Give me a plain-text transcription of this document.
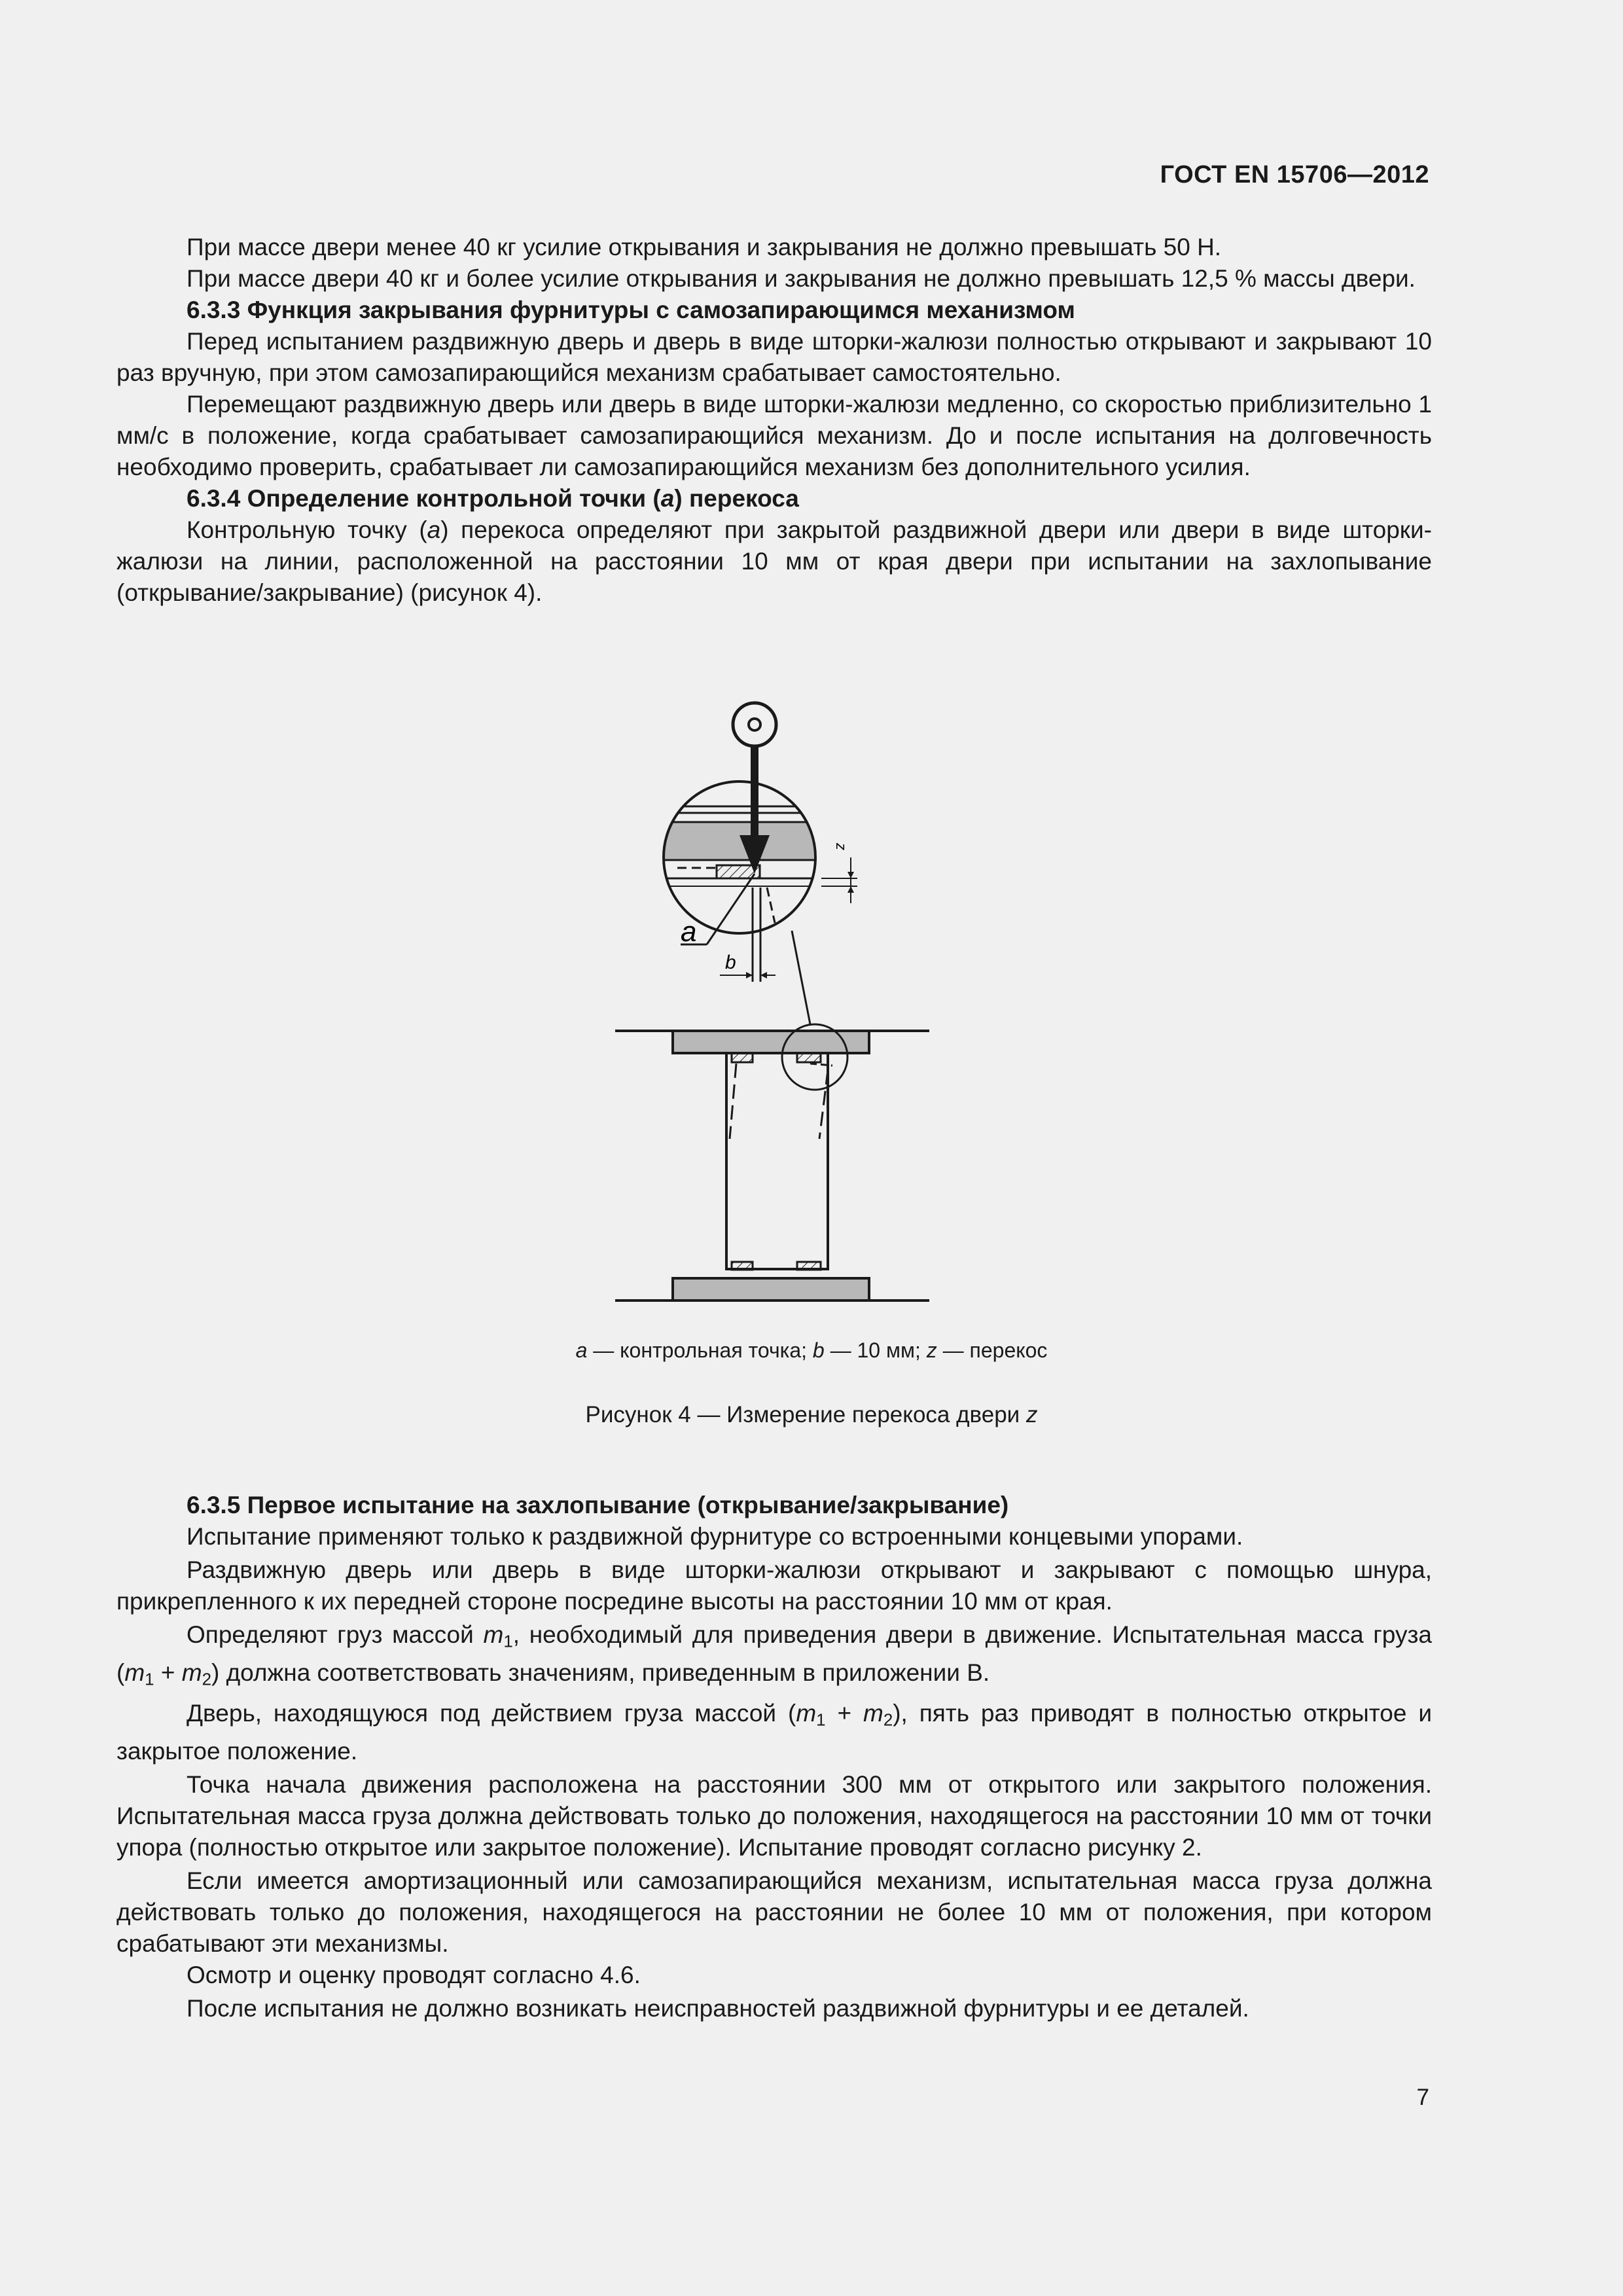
ГОСТ EN 15706—2012

При массе двери менее 40 кг усилие открывания и закрывания не должно превышать 50 Н.

При массе двери 40 кг и более усилие открывания и закрывания не должно превышать 12,5 % массы двери.

6.3.3 Функция закрывания фурнитуры с самозапирающимся механизмом

Перед испытанием раздвижную дверь и дверь в виде шторки-жалюзи полностью открывают и закрывают 10 раз вручную, при этом самозапирающийся механизм срабатывает самостоятельно.

Перемещают раздвижную дверь или дверь в виде шторки-жалюзи медленно, со скоростью приблизительно 1 мм/с в положение, когда срабатывает самозапирающийся механизм. До и после испытания на долговечность необходимо проверить, срабатывает ли самозапирающийся механизм без дополнительного усилия.

6.3.4 Определение контрольной точки (a) перекоса

Контрольную точку (a) перекоса определяют при закрытой раздвижной двери или двери в виде шторки-жалюзи на линии, расположенной на расстоянии 10 мм от края двери при испытании на захлопывание (открывание/закрывание) (рисунок 4).

z
a
b
a — контрольная точка; b — 10 мм; z — перекос
Рисунок 4 — Измерение перекоса двери z

6.3.5 Первое испытание на захлопывание (открывание/закрывание)

Испытание применяют только к раздвижной фурнитуре со встроенными концевыми упорами.

Раздвижную дверь или дверь в виде шторки-жалюзи открывают и закрывают с помощью шнура, прикрепленного к их передней стороне посредине высоты на расстоянии 10 мм от края.

Определяют груз массой $m_1$, необходимый для приведения двери в движение. Испытательная масса груза $(m_1 + m_2)$ должна соответствовать значениям, приведенным в приложении В.

Дверь, находящуюся под действием груза массой $(m_1 + m_2)$, пять раз приводят в полностью открытое и закрытое положение.

Точка начала движения расположена на расстоянии 300 мм от открытого или закрытого положения. Испытательная масса груза должна действовать только до положения, находящегося на расстоянии 10 мм от точки упора (полностью открытое или закрытое положение). Испытание проводят согласно рисунку 2.

Если имеется амортизационный или самозапирающийся механизм, испытательная масса груза должна действовать только до положения, находящегося на расстоянии не более 10 мм от положения, при котором срабатывают эти механизмы.

Осмотр и оценку проводят согласно 4.6.

После испытания не должно возникать неисправностей раздвижной фурнитуры и ее деталей.

7
